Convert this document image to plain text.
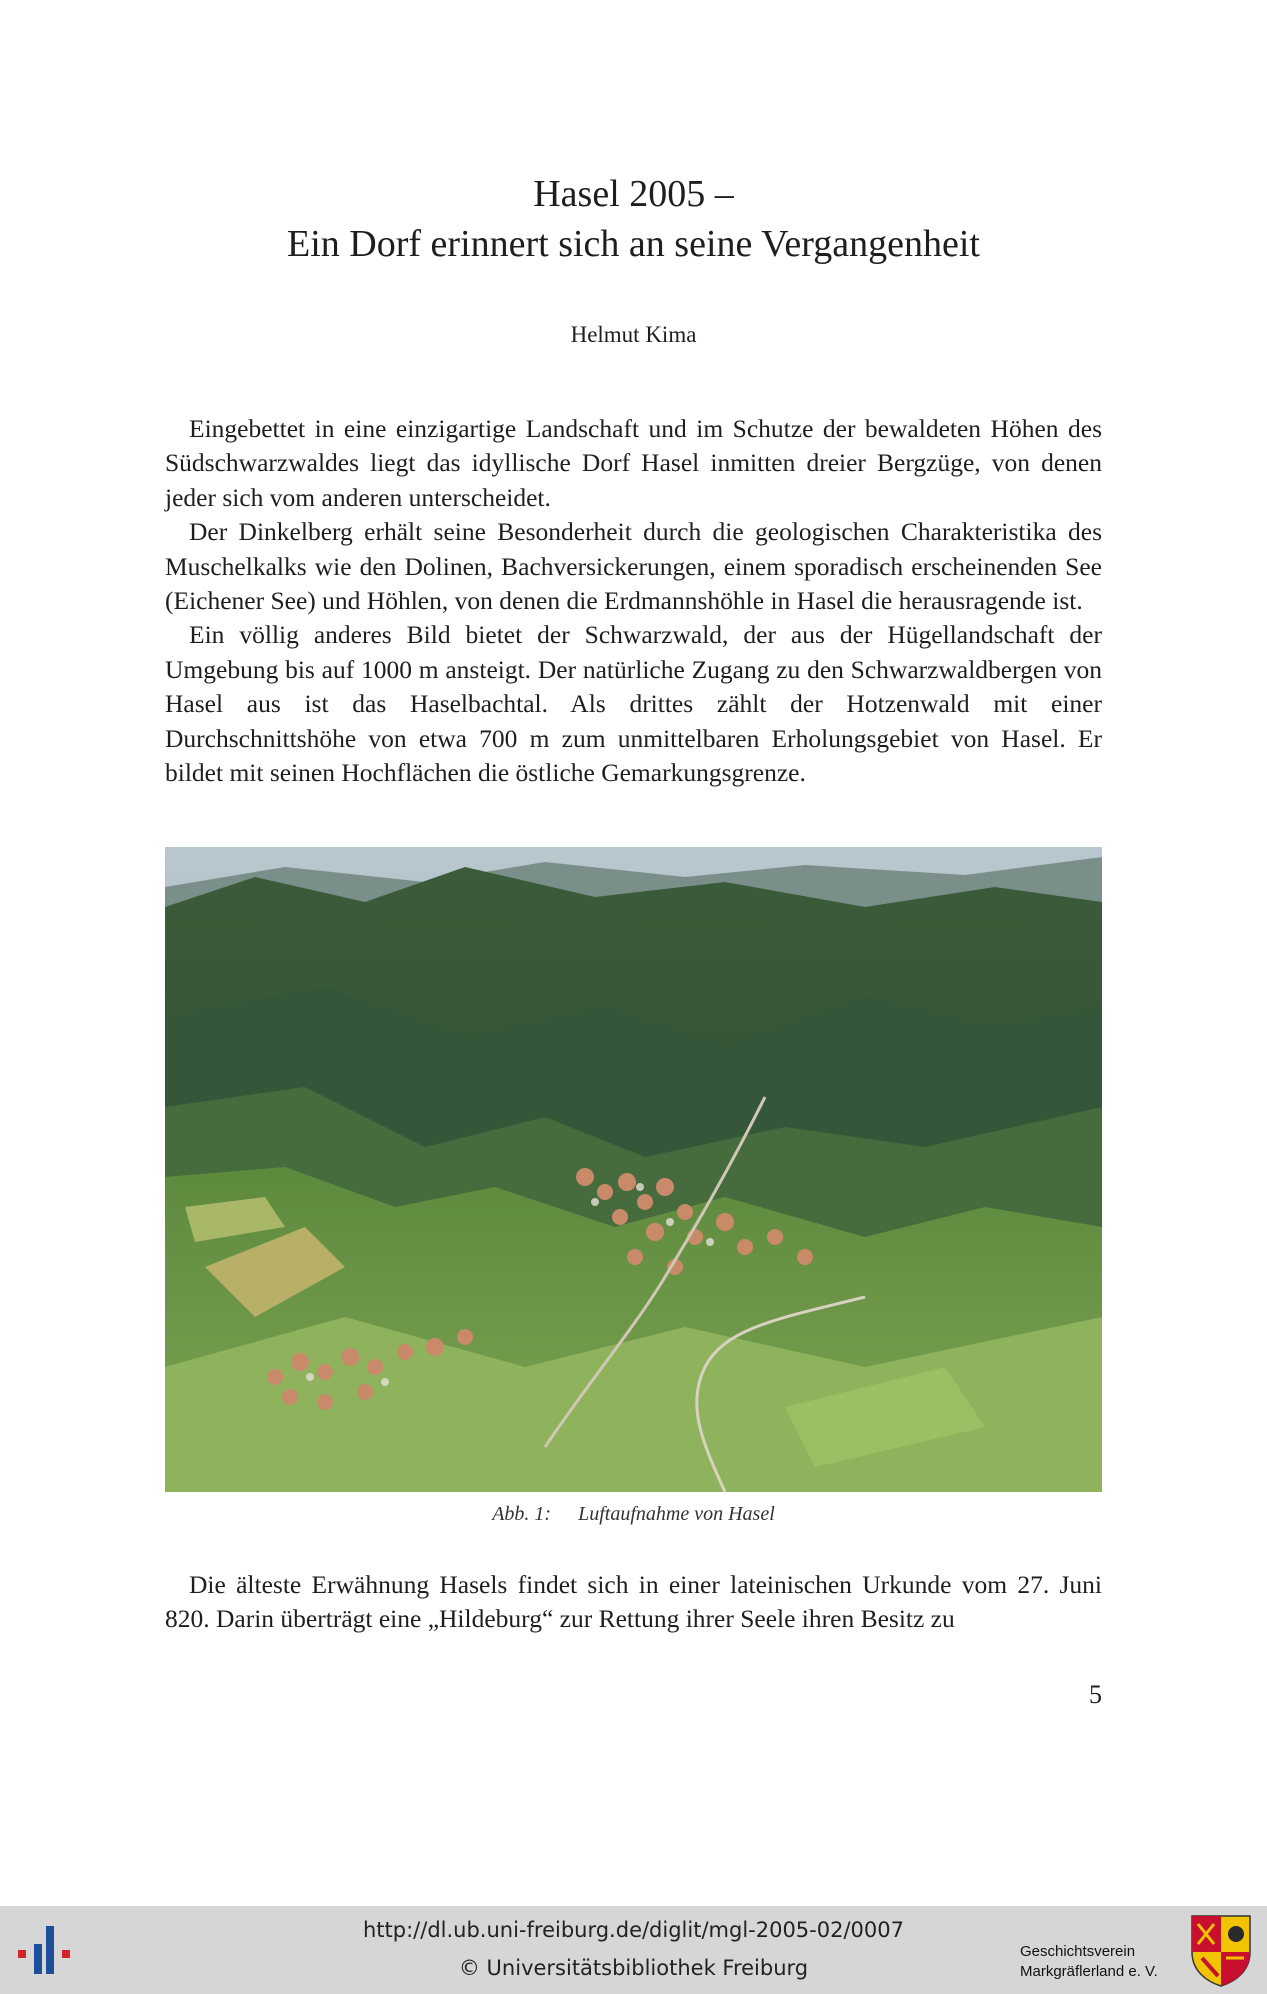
Hasel 2005 –
Ein Dorf erinnert sich an seine Vergangenheit
Helmut Kima

Eingebettet in eine einzigartige Landschaft und im Schutze der bewaldeten Höhen des Südschwarzwaldes liegt das idyllische Dorf Hasel inmitten dreier Bergzüge, von denen jeder sich vom anderen unterscheidet.

Der Dinkelberg erhält seine Besonderheit durch die geologischen Charakteristika des Muschelkalks wie den Dolinen, Bachversickerungen, einem sporadisch erscheinenden See (Eichener See) und Höhlen, von denen die Erdmannshöhle in Hasel die herausragende ist.

Ein völlig anderes Bild bietet der Schwarzwald, der aus der Hügellandschaft der Umgebung bis auf 1000 m ansteigt. Der natürliche Zugang zu den Schwarzwaldbergen von Hasel aus ist das Haselbachtal. Als drittes zählt der Hotzenwald mit einer Durchschnittshöhe von etwa 700 m zum unmittelbaren Erholungsgebiet von Hasel. Er bildet mit seinen Hochflächen die östliche Gemarkungsgrenze.

Abb. 1: Luftaufnahme von Hasel

Die älteste Erwähnung Hasels findet sich in einer lateinischen Urkunde vom 27. Juni 820. Darin überträgt eine „Hildeburg“ zur Rettung ihrer Seele ihren Besitz zu

5
http://dl.ub.uni-freiburg.de/diglit/mgl-2005-02/0007
© Universitätsbibliothek Freiburg
Geschichtsverein
Markgräflerland e. V.
